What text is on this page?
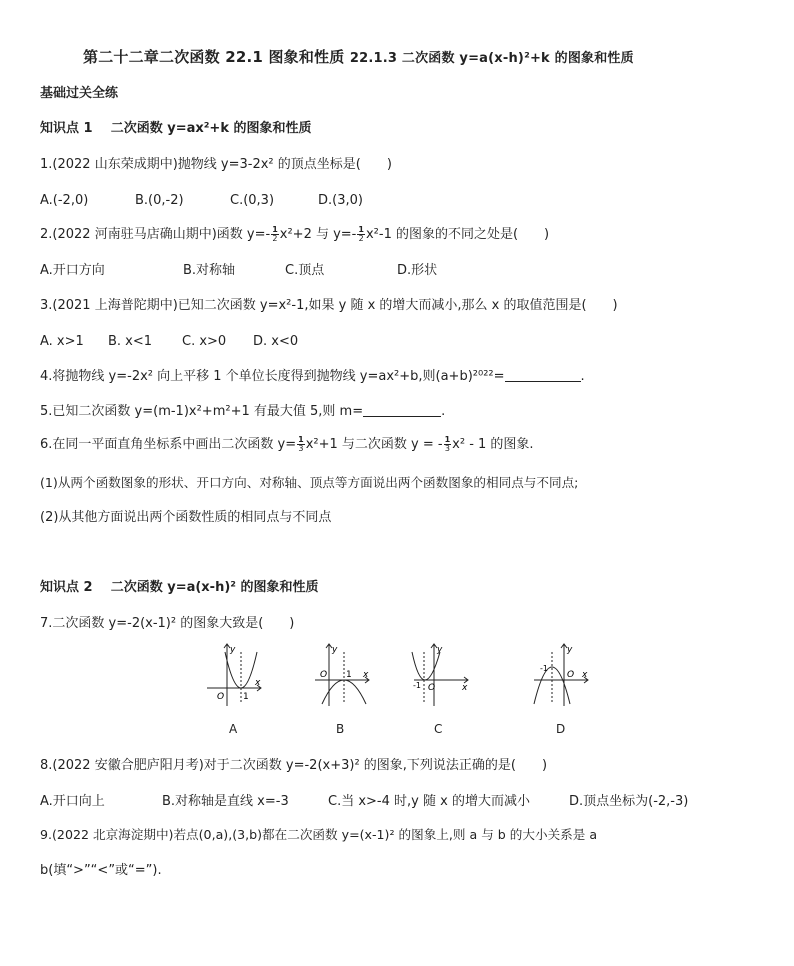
第二十二章二次函数 22.1 图象和性质 22.1.3 二次函数 y=a(x-h)²+k 的图象和性质
基础过关全练
知识点 1 二次函数 y=ax²+k 的图象和性质
1.(2022 山东荣成期中)抛物线 y=3-2x² 的顶点坐标是(　　)
A.(-2,0)	B.(0,-2)	C.(0,3)	D.(3,0)
2.(2022 河南驻马店确山期中)函数 $y=- \frac{1}{2} x^2+2$ 与 $y=- \frac{1}{2} x^2-1$ 的图象的不同之处是(　　)
A.开口方向	B.对称轴	C.顶点	D.形状
3.(2021 上海普陀期中)已知二次函数 y=x²-1,如果 y 随 x 的增大而减小,那么 x 的取值范围是(　　)
A. x>1 B. x<1 C. x>0 D. x<0
4.将抛物线 y=-2x² 向上平移 1 个单位长度得到抛物线 y=ax²+b,则(a+b)²⁰²²=	.
5.已知二次函数 y=(m-1)x²+m²+1 有最大值 5,则 m=	.
6.在同一平面直角坐标系中画出二次函数 $y= \frac{1}{3} x^2+1$ 与二次函数 y = - $\frac{1}{3} x^2 - 1$ 的图象.
(1)从两个函数图象的形状、开口方向、对称轴、顶点等方面说出两个函数图象的相同点与不同点;
(2)从其他方面说出两个函数性质的相同点与不同点
知识点 2 二次函数 y=a(x-h)² 的图象和性质
7.二次函数 y=-2(x-1)² 的图象大致是(　　)
y
x
O 1
A
y
x
O 1
B
y
x
-1 O
C
y
x
-1
O
D
8.(2022 安徽合肥庐阳月考)对于二次函数 y=-2(x+3)² 的图象,下列说法正确的是(　　)
A.开口向上	B.对称轴是直线 x=-3	C.当 x>-4 时,y 随 x 的增大而减小	D.顶点坐标为(-2,-3)
9.(2022 北京海淀期中)若点(0,a),(3,b)都在二次函数 y=(x-1)² 的图象上,则 a 与 b 的大小关系是 a
b(填“>”“<”或“=”).
